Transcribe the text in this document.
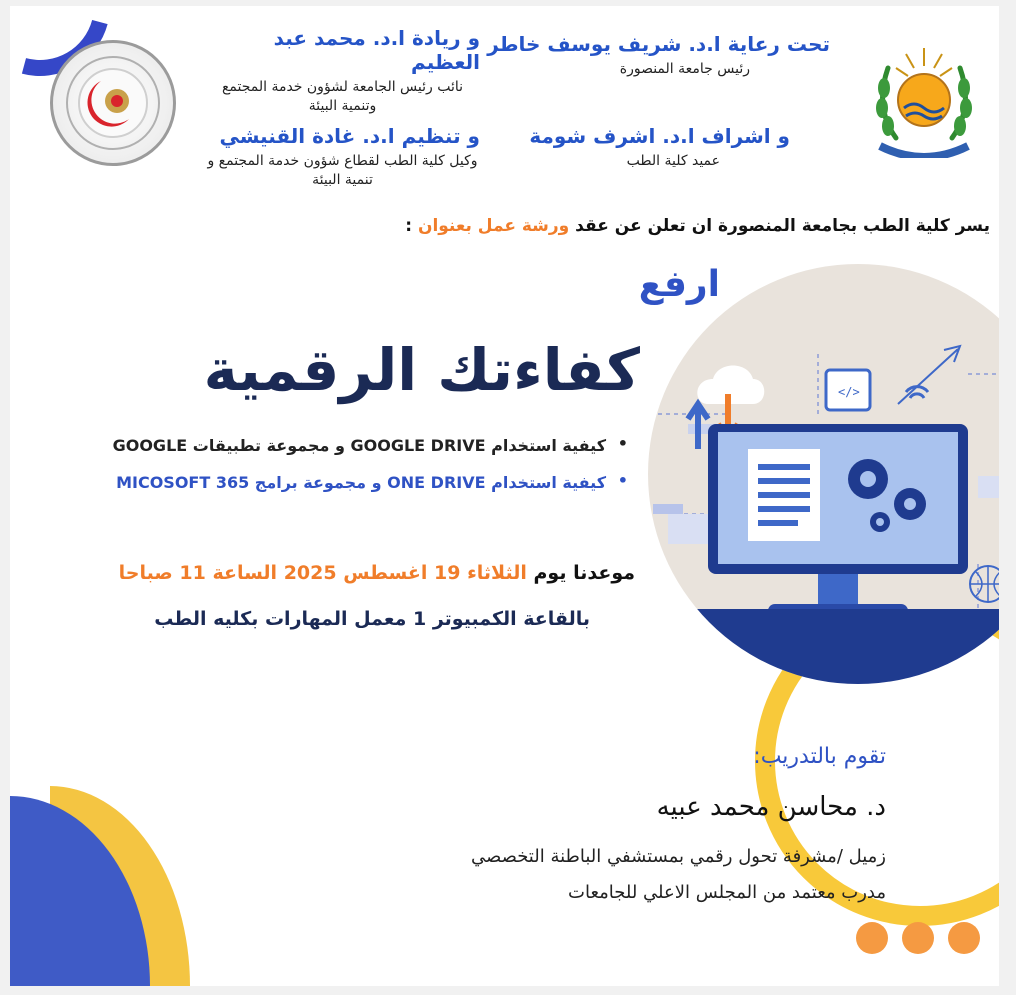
</>
تحت رعاية ا.د. شريف يوسف خاطر
رئيس جامعة المنصورة
و ريادة ا.د. محمد عبد العظيم
نائب رئيس الجامعة لشؤون خدمة المجتمع وتنمية البيئة
و اشراف ا.د. اشرف شومة
عميد كلية الطب
و تنظيم ا.د. غادة القنيشي
وكيل كلية الطب لقطاع شؤون خدمة المجتمع و تنمية البيئة
يسر كلية الطب بجامعة المنصورة ان تعلن عن عقد ورشة عمل بعنوان :
ارفع
كفاءتك الرقمية
كيفية استخدام GOOGLE DRIVE و مجموعة تطبيقات GOOGLE •
كيفية استخدام ONE DRIVE و مجموعة برامج MICOSOFT 365 •
موعدنا يوم الثلاثاء 19 اغسطس 2025 الساعة 11 صباحا
بالقاعة الكمبيوتر 1 معمل المهارات بكليه الطب
تقوم بالتدريب:
د. محاسن محمد عبيه
زميل /مشرفة تحول رقمي بمستشفي الباطنة التخصصي
مدرب معتمد من المجلس الاعلي للجامعات
